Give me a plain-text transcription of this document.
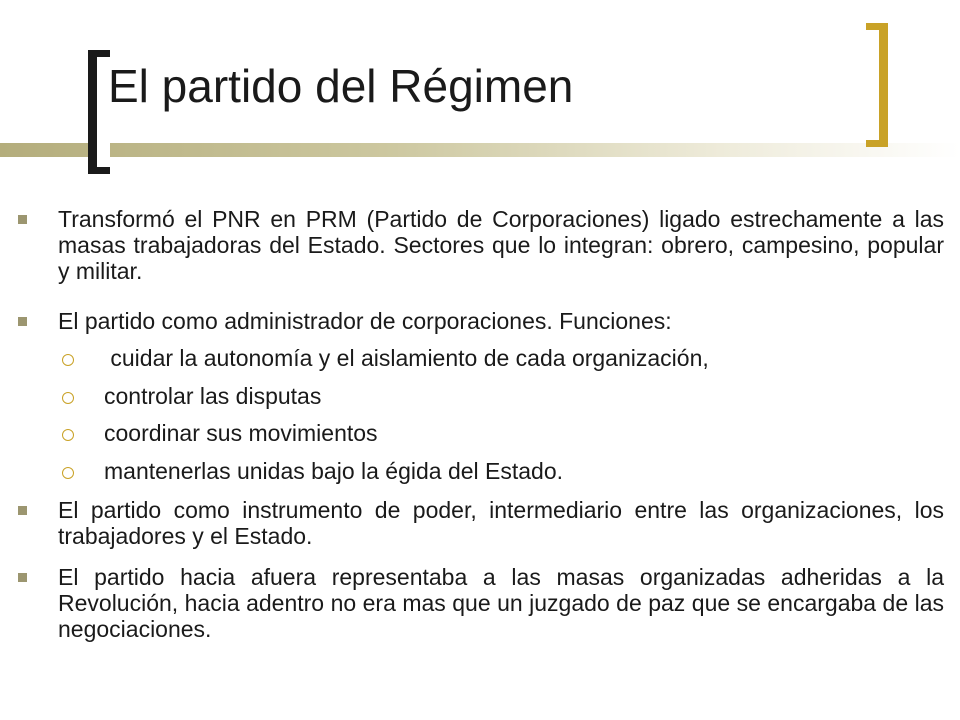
El partido del Régimen
Transformó el PNR en PRM (Partido de Corporaciones) ligado estrechamente a las masas trabajadoras del Estado. Sectores que lo integran: obrero, campesino, popular y militar.
El partido como administrador de corporaciones. Funciones:
cuidar la autonomía y el aislamiento de cada organización,
controlar las disputas
coordinar sus movimientos
mantenerlas unidas bajo la égida del Estado.
El partido como instrumento de poder, intermediario entre las organizaciones, los trabajadores y el Estado.
El partido hacia afuera representaba a las masas organizadas adheridas a la Revolución, hacia adentro no era mas que un juzgado de paz que se encargaba de las negociaciones.
